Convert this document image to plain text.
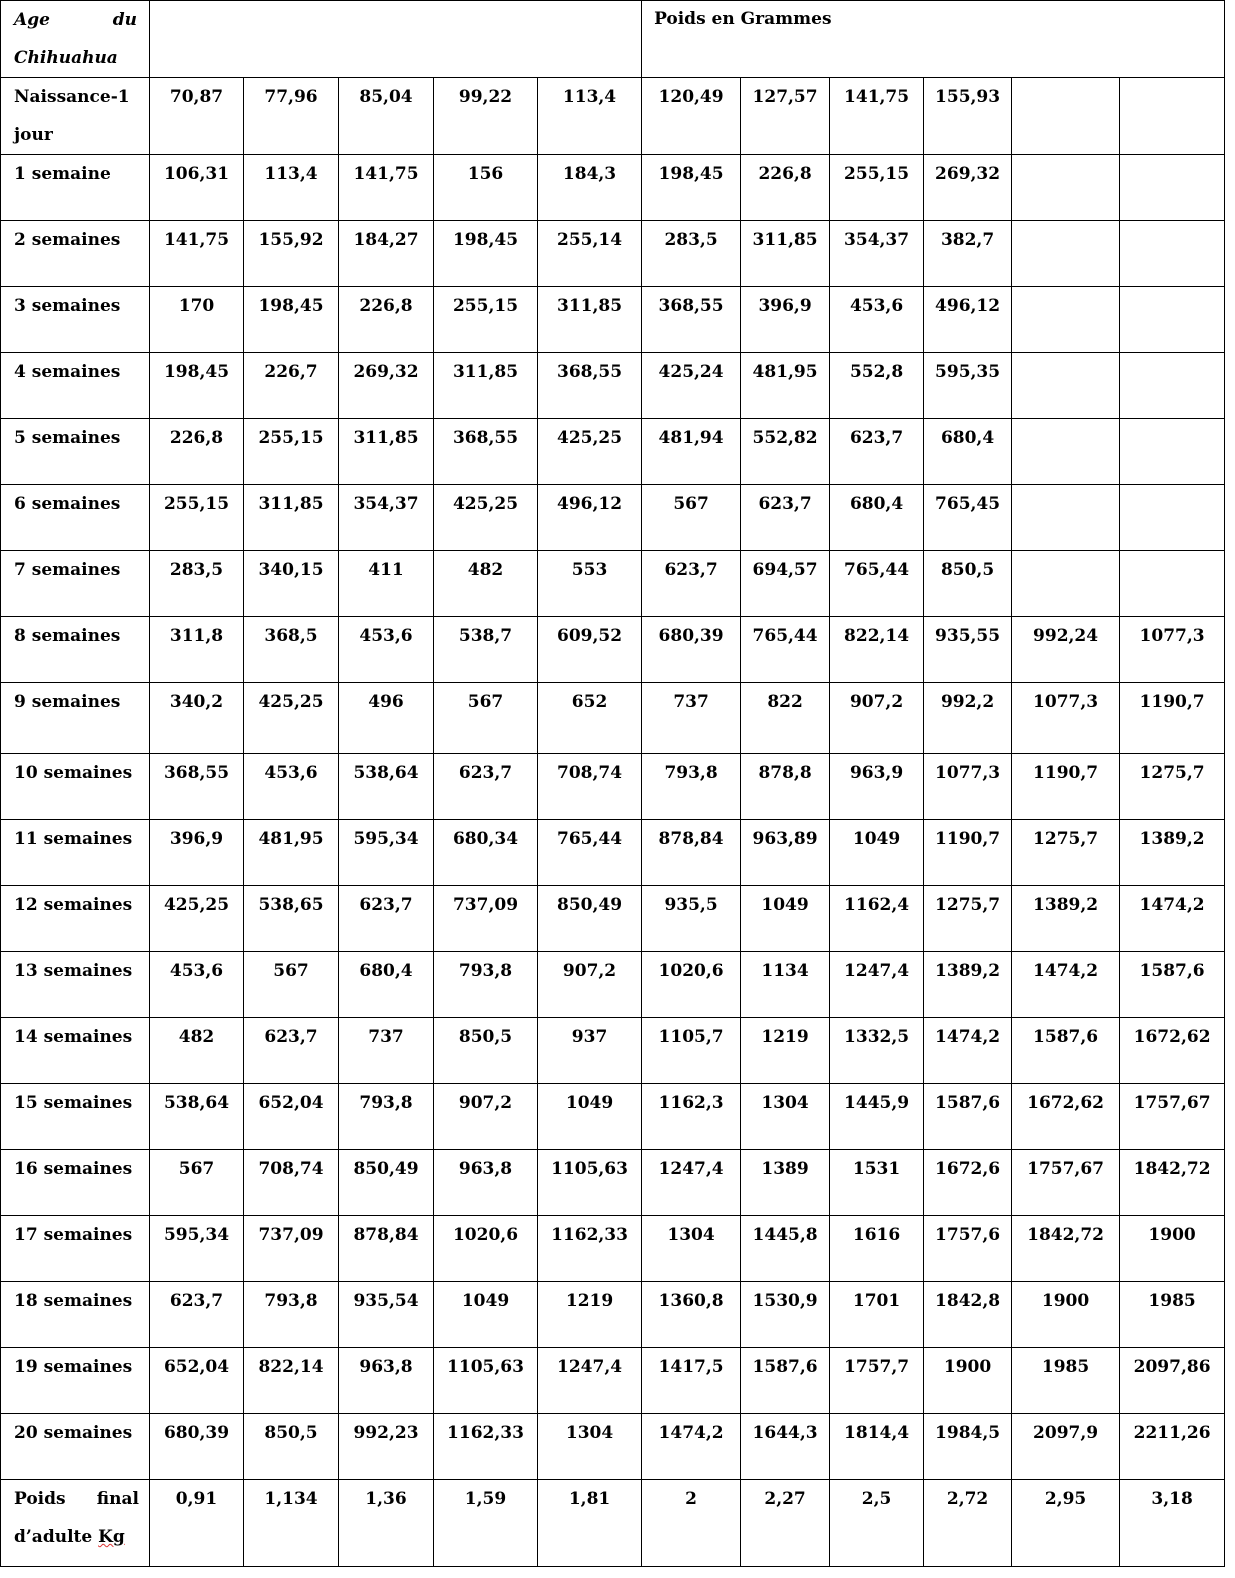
Age du
Chihuahua						Poids en Grammes					

Naissance-1 jour	70,87	77,96	85,04	99,22	113,4	120,49	127,57	141,75	155,93		
1 semaine	106,31	113,4	141,75	156	184,3	198,45	226,8	255,15	269,32		
2 semaines	141,75	155,92	184,27	198,45	255,14	283,5	311,85	354,37	382,7		
3 semaines	170	198,45	226,8	255,15	311,85	368,55	396,9	453,6	496,12		
4 semaines	198,45	226,7	269,32	311,85	368,55	425,24	481,95	552,8	595,35		
5 semaines	226,8	255,15	311,85	368,55	425,25	481,94	552,82	623,7	680,4		
6 semaines	255,15	311,85	354,37	425,25	496,12	567	623,7	680,4	765,45		
7 semaines	283,5	340,15	411	482	553	623,7	694,57	765,44	850,5		
8 semaines	311,8	368,5	453,6	538,7	609,52	680,39	765,44	822,14	935,55	992,24	1077,3
9 semaines	340,2	425,25	496	567	652	737	822	907,2	992,2	1077,3	1190,7
10 semaines	368,55	453,6	538,64	623,7	708,74	793,8	878,8	963,9	1077,3	1190,7	1275,7
11 semaines	396,9	481,95	595,34	680,34	765,44	878,84	963,89	1049	1190,7	1275,7	1389,2
12 semaines	425,25	538,65	623,7	737,09	850,49	935,5	1049	1162,4	1275,7	1389,2	1474,2
13 semaines	453,6	567	680,4	793,8	907,2	1020,6	1134	1247,4	1389,2	1474,2	1587,6
14 semaines	482	623,7	737	850,5	937	1105,7	1219	1332,5	1474,2	1587,6	1672,62
15 semaines	538,64	652,04	793,8	907,2	1049	1162,3	1304	1445,9	1587,6	1672,62	1757,67
16 semaines	567	708,74	850,49	963,8	1105,63	1247,4	1389	1531	1672,6	1757,67	1842,72
17 semaines	595,34	737,09	878,84	1020,6	1162,33	1304	1445,8	1616	1757,6	1842,72	1900
18 semaines	623,7	793,8	935,54	1049	1219	1360,8	1530,9	1701	1842,8	1900	1985
19 semaines	652,04	822,14	963,8	1105,63	1247,4	1417,5	1587,6	1757,7	1900	1985	2097,86
20 semaines	680,39	850,5	992,23	1162,33	1304	1474,2	1644,3	1814,4	1984,5	2097,9	2211,26

Poids final
d’adulte Kg	0,91	1,134	1,36	1,59	1,81	2	2,27	2,5	2,72	2,95	3,18
